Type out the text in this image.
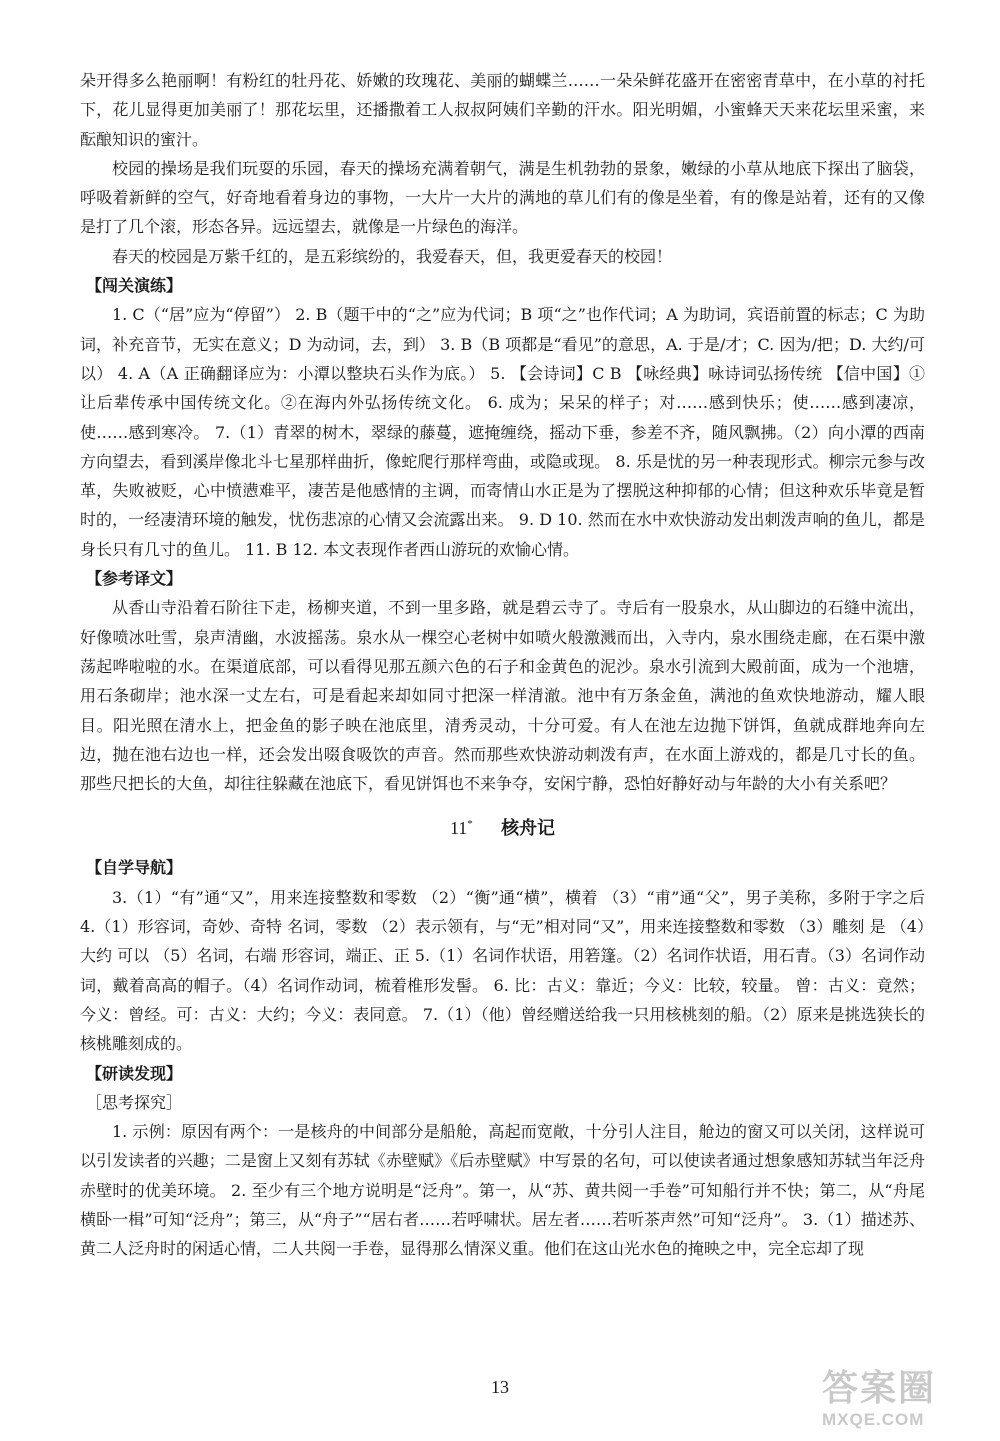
朵开得多么艳丽啊！有粉红的牡丹花、娇嫩的玫瑰花、美丽的蝴蝶兰……一朵朵鲜花盛开在密密青草中，在小草的衬托下，花儿显得更加美丽了！那花坛里，还播撒着工人叔叔阿姨们辛勤的汗水。阳光明媚，小蜜蜂天天来花坛里采蜜，来酝酿知识的蜜汁。

校园的操场是我们玩耍的乐园，春天的操场充满着朝气，满是生机勃勃的景象，嫩绿的小草从地底下探出了脑袋，呼吸着新鲜的空气，好奇地看着身边的事物，一大片一大片的满地的草儿们有的像是坐着，有的像是站着，还有的又像是打了几个滚，形态各异。远远望去，就像是一片绿色的海洋。

春天的校园是万紫千红的，是五彩缤纷的，我爱春天，但，我更爱春天的校园！

【闯关演练】

1. C（“居”应为“停留”） 2. B（题干中的“之”应为代词；B 项“之”也作代词；A 为助词，宾语前置的标志；C 为助词，补充音节，无实在意义；D 为动词，去，到） 3. B（B 项都是“看见”的意思，A. 于是/才；C. 因为/把；D. 大约/可以） 4. A（A 正确翻译应为：小潭以整块石头作为底。） 5. 【会诗词】C B 【咏经典】咏诗词弘扬传统 【信中国】①让后辈传承中国传统文化。②在海内外弘扬传统文化。 6. 成为；呆呆的样子；对……感到快乐；使……感到凄凉，使……感到寒冷。 7.（1）青翠的树木，翠绿的藤蔓，遮掩缠绕，摇动下垂，参差不齐，随风飘拂。（2）向小潭的西南方向望去，看到溪岸像北斗七星那样曲折，像蛇爬行那样弯曲，或隐或现。 8. 乐是忧的另一种表现形式。柳宗元参与改革，失败被贬，心中愤懑难平，凄苦是他感情的主调，而寄情山水正是为了摆脱这种抑郁的心情；但这种欢乐毕竟是暂时的，一经凄清环境的触发，忧伤悲凉的心情又会流露出来。 9. D 10. 然而在水中欢快游动发出刺泼声响的鱼儿，都是身长只有几寸的鱼儿。 11. B 12. 本文表现作者西山游玩的欢愉心情。

【参考译文】

从香山寺沿着石阶往下走，杨柳夹道，不到一里多路，就是碧云寺了。寺后有一股泉水，从山脚边的石缝中流出，好像喷冰吐雪，泉声清幽，水波摇荡。泉水从一棵空心老树中如喷火般激溅而出，入寺内，泉水围绕走廊，在石渠中激荡起哗啦啦的水。在渠道底部，可以看得见那五颜六色的石子和金黄色的泥沙。泉水引流到大殿前面，成为一个池塘，用石条砌岸；池水深一丈左右，可是看起来却如同寸把深一样清澈。池中有万条金鱼，满池的鱼欢快地游动，耀人眼目。阳光照在清水上，把金鱼的影子映在池底里，清秀灵动，十分可爱。有人在池左边抛下饼饵，鱼就成群地奔向左边，抛在池右边也一样，还会发出啜食吸饮的声音。然而那些欢快游动刺泼有声，在水面上游戏的，都是几寸长的鱼。那些尺把长的大鱼，却往往躲藏在池底下，看见饼饵也不来争夺，安闲宁静，恐怕好静好动与年龄的大小有关系吧？

11* 核舟记

【自学导航】

3.（1）“有”通“又”，用来连接整数和零数 （2）“衡”通“横”，横着 （3）“甫”通“父”，男子美称，多附于字之后 4.（1）形容词，奇妙、奇特 名词，零数 （2）表示领有，与“无”相对同“又”，用来连接整数和零数 （3）雕刻 是 （4）大约 可以 （5）名词，右端 形容词，端正、正 5.（1）名词作状语，用箬篷。（2）名词作状语，用石青。（3）名词作动词，戴着高高的帽子。（4）名词作动词，梳着椎形发髻。 6. 比：古义：靠近；今义：比较，较量。 曾：古义：竟然；今义：曾经。可：古义：大约；今义：表同意。 7.（1）（他）曾经赠送给我一只用核桃刻的船。（2）原来是挑选狭长的核桃雕刻成的。

【研读发现】

［思考探究］

1. 示例：原因有两个：一是核舟的中间部分是船舱，高起而宽敞，十分引人注目，舱边的窗又可以关闭，这样说可以引发读者的兴趣；二是窗上又刻有苏轼《赤壁赋》《后赤壁赋》中写景的名句，可以使读者通过想象感知苏轼当年泛舟赤壁时的优美环境。 2. 至少有三个地方说明是“泛舟”。第一，从“苏、黄共阅一手卷”可知船行并不快；第二，从“舟尾横卧一楫”可知“泛舟”；第三，从“舟子”“居右者……若呼啸状。居左者……若听茶声然”可知“泛舟”。 3.（1）描述苏、黄二人泛舟时的闲适心情，二人共阅一手卷，显得那么情深义重。他们在这山光水色的掩映之中，完全忘却了现

13	答案圈
MXQE.COM
